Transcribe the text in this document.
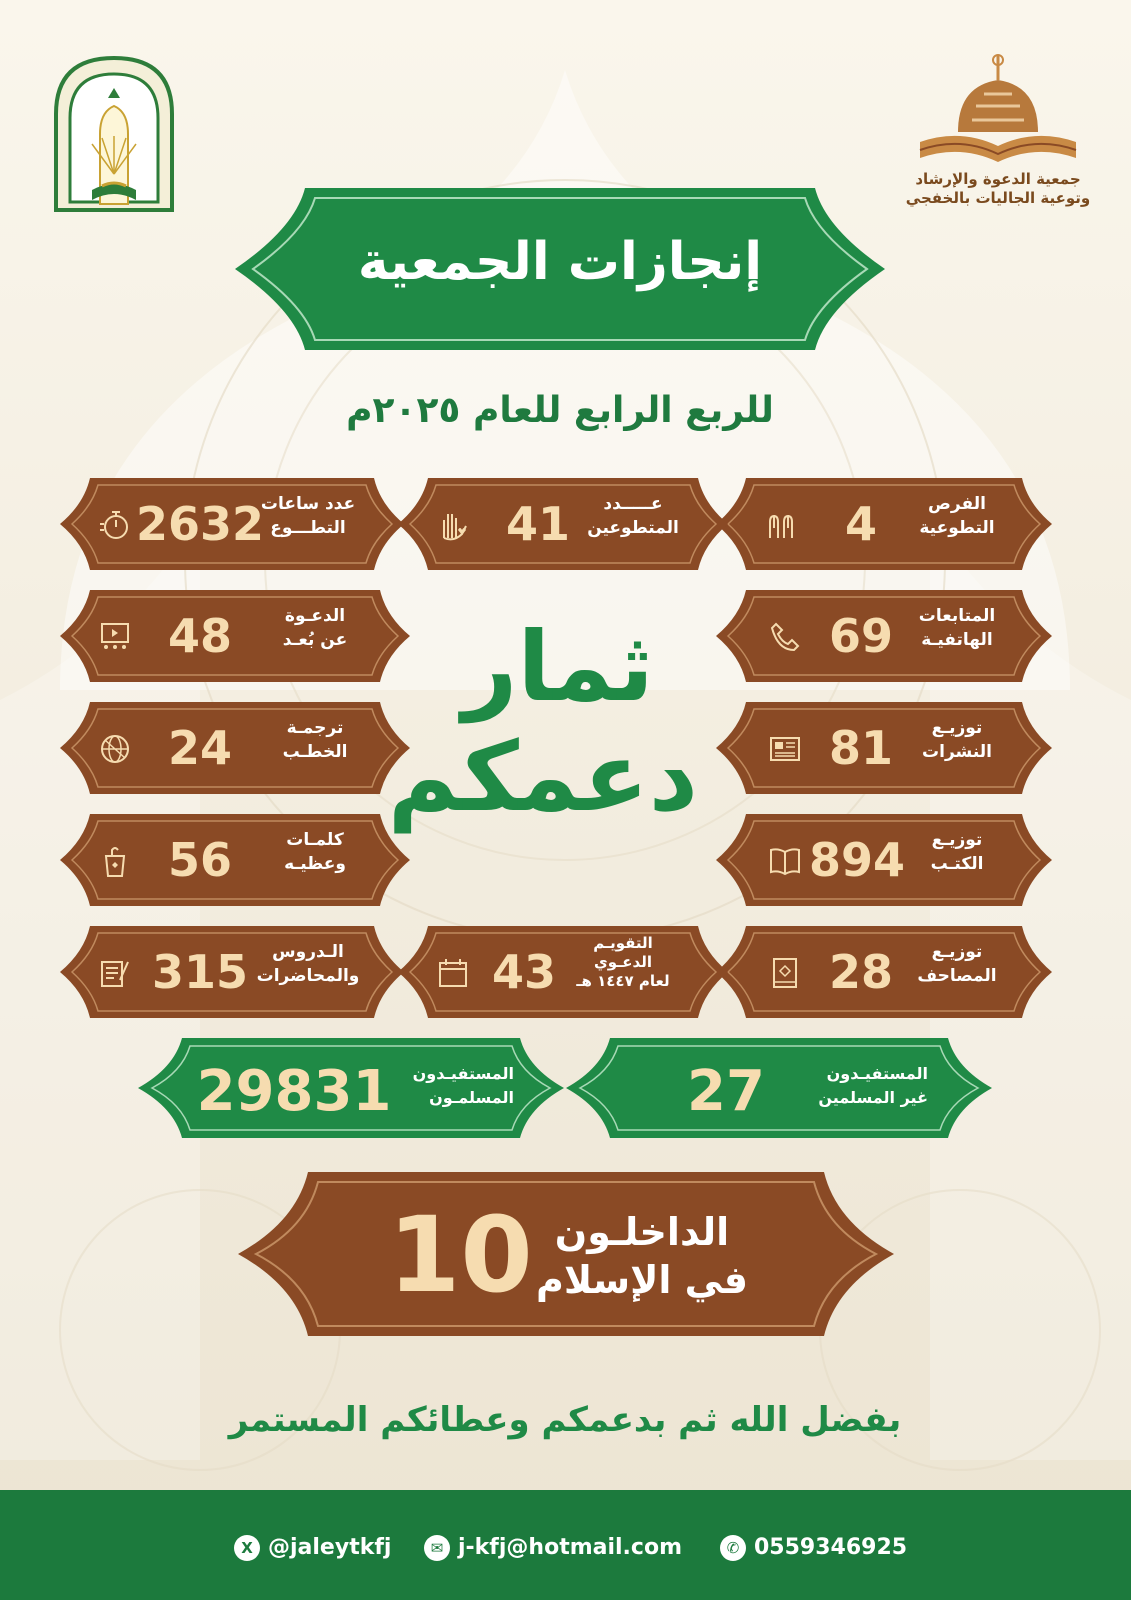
جمعية الدعوة والإرشاد
وتوعية الجاليات بالخفجي
إنجازات الجمعية
للربع الرابع للعام ٢٠٢٥م
الفرص
التطوعية
4
عـــــدد
المتطوعين
41
عدد ساعات
التطـــوع
2632
المتابعات
الهاتفيـة
69
الدعـوة
عن بُعـد
48
توزيـع
النشرات
81
ترجمـة
الخطـب
24
توزيـع
الكتـب
894
كلمـات
وعظيـه
56
توزيـع
المصاحف
28
التقويـم
الدعـوي
لعام ١٤٤٧ هـ
43
الـدروس
والمحاضرات
315
ثمار
دعمكم
المستفيـدون
غير المسلمين
27
المستفيـدون
المسلمـون
29831
الداخلـون
في الإسلام
10
بفضل الله ثم بدعمكم وعطائكم المستمر
X @jaleytkfj	✉ j-kfj@hotmail.com	✆ 0559346925
